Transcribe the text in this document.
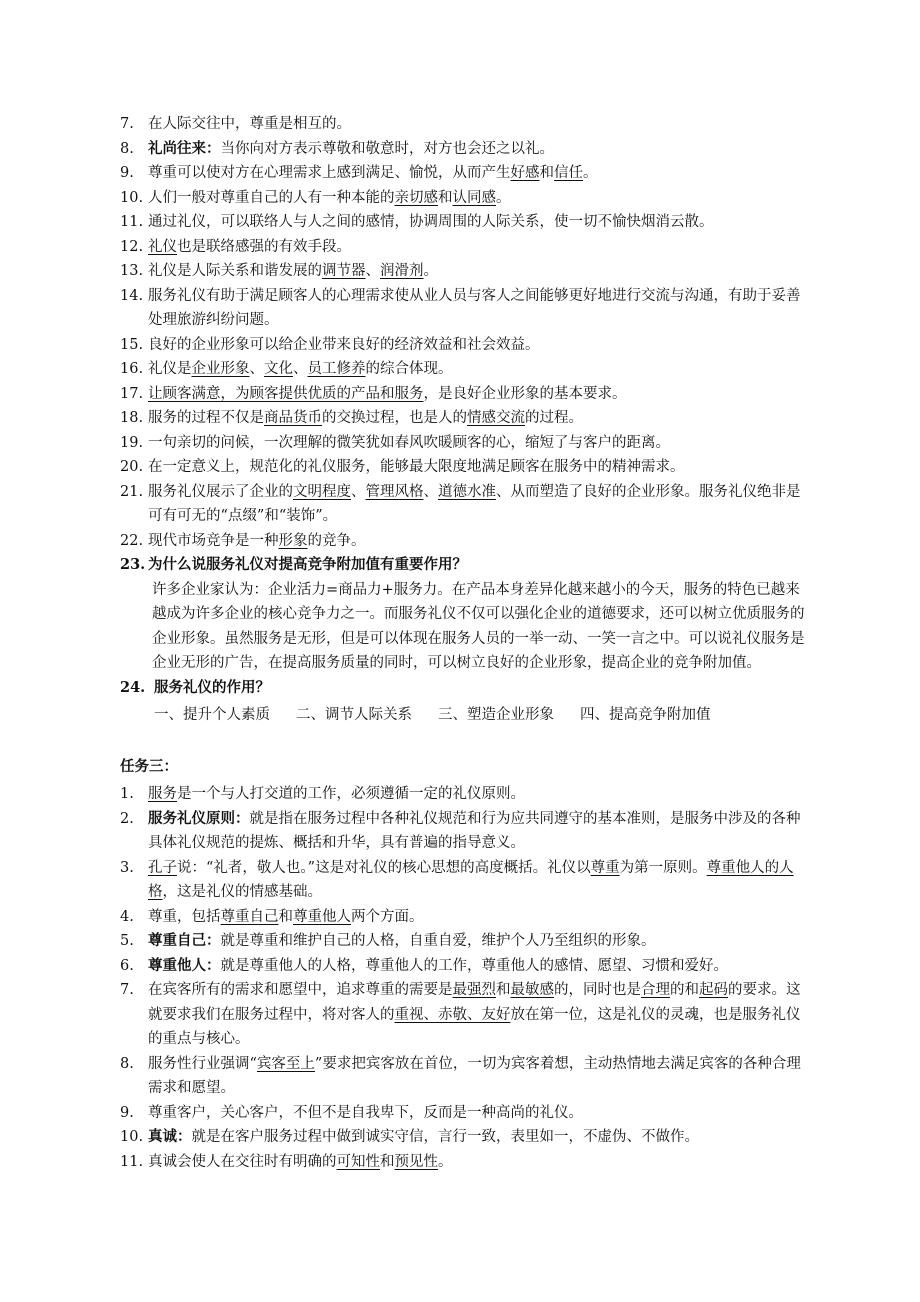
7. 在人际交往中，尊重是相互的。
8. 礼尚往来：当你向对方表示尊敬和敬意时，对方也会还之以礼。
9. 尊重可以使对方在心理需求上感到满足、愉悦，从而产生好感和信任。
10. 人们一般对尊重自己的人有一种本能的亲切感和认同感。
11. 通过礼仪，可以联络人与人之间的感情，协调周围的人际关系，使一切不愉快烟消云散。
12. 礼仪也是联络感强的有效手段。
13. 礼仪是人际关系和谐发展的调节器、润滑剂。
14. 服务礼仪有助于满足顾客人的心理需求使从业人员与客人之间能够更好地进行交流与沟通，有助于妥善处理旅游纠纷问题。
15. 良好的企业形象可以给企业带来良好的经济效益和社会效益。
16. 礼仪是企业形象、文化、员工修养的综合体现。
17. 让顾客满意，为顾客提供优质的产品和服务，是良好企业形象的基本要求。
18. 服务的过程不仅是商品货币的交换过程，也是人的情感交流的过程。
19. 一句亲切的问候，一次理解的微笑犹如春风吹暖顾客的心，缩短了与客户的距离。
20. 在一定意义上，规范化的礼仪服务，能够最大限度地满足顾客在服务中的精神需求。
21. 服务礼仪展示了企业的文明程度、管理风格、道德水准、从而塑造了良好的企业形象。服务礼仪绝非是可有可无的“点缀”和“装饰”。
22. 现代市场竞争是一种形象的竞争。
23. 为什么说服务礼仪对提高竞争附加值有重要作用？
许多企业家认为：企业活力=商品力+服务力。在产品本身差异化越来越小的今天，服务的特色已越来越成为许多企业的核心竞争力之一。而服务礼仪不仅可以强化企业的道德要求，还可以树立优质服务的企业形象。虽然服务是无形，但是可以体现在服务人员的一举一动、一笑一言之中。可以说礼仪服务是企业无形的广告，在提高服务质量的同时，可以树立良好的企业形象，提高企业的竞争附加值。
24. 服务礼仪的作用？
一、提升个人素质 二、调节人际关系 三、塑造企业形象 四、提高竞争附加值
任务三：
1. 服务是一个与人打交道的工作，必须遵循一定的礼仪原则。
2. 服务礼仪原则：就是指在服务过程中各种礼仪规范和行为应共同遵守的基本准则，是服务中涉及的各种具体礼仪规范的提炼、概括和升华，具有普遍的指导意义。
3. 孔子说：“礼者，敬人也。”这是对礼仪的核心思想的高度概括。礼仪以尊重为第一原则。尊重他人的人格，这是礼仪的情感基础。
4. 尊重，包括尊重自己和尊重他人两个方面。
5. 尊重自己：就是尊重和维护自己的人格，自重自爱，维护个人乃至组织的形象。
6. 尊重他人：就是尊重他人的人格，尊重他人的工作，尊重他人的感情、愿望、习惯和爱好。
7. 在宾客所有的需求和愿望中，追求尊重的需要是最强烈和最敏感的，同时也是合理的和起码的要求。这就要求我们在服务过程中，将对客人的重视、赤敬、友好放在第一位，这是礼仪的灵魂，也是服务礼仪的重点与核心。
8. 服务性行业强调“宾客至上”要求把宾客放在首位，一切为宾客着想，主动热情地去满足宾客的各种合理需求和愿望。
9. 尊重客户，关心客户，不但不是自我卑下，反而是一种高尚的礼仪。
10. 真诚：就是在客户服务过程中做到诚实守信，言行一致，表里如一，不虚伪、不做作。
11. 真诚会使人在交往时有明确的可知性和预见性。
